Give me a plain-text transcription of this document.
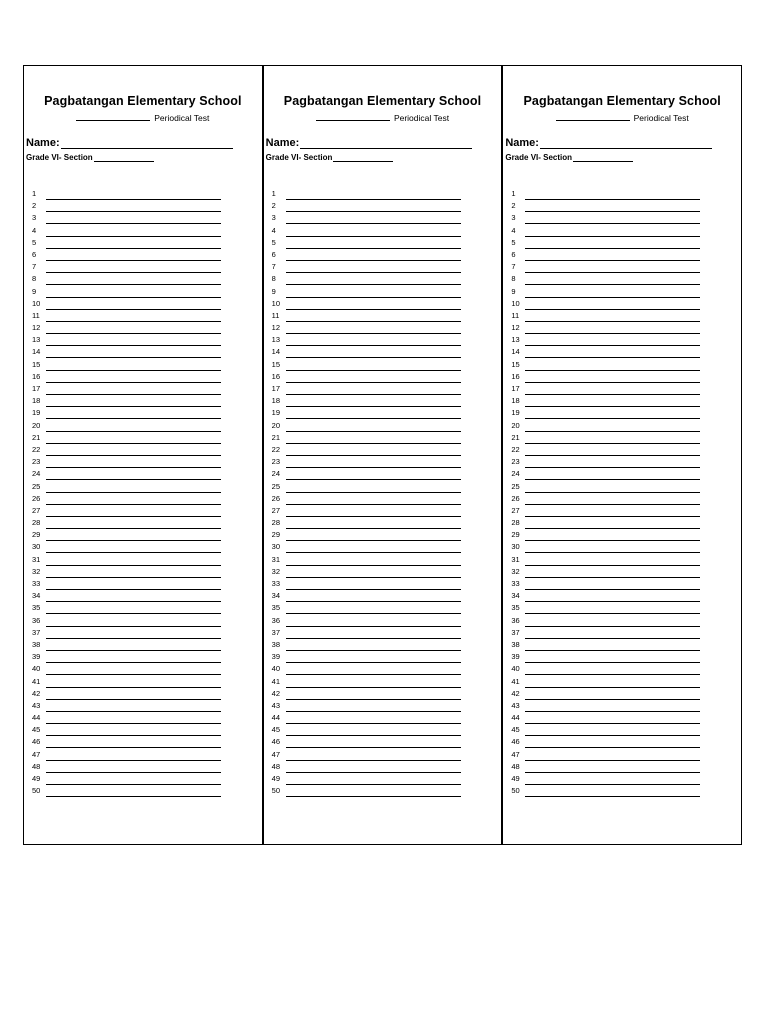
Pagbatangan Elementary School
Periodical Test
Name:
Grade VI- Section
1
2
3
4
5
6
7
8
9
10
11
12
13
14
15
16
17
18
19
20
21
22
23
24
25
26
27
28
29
30
31
32
33
34
35
36
37
38
39
40
41
42
43
44
45
46
47
48
49
50
Pagbatangan Elementary School
Periodical Test
Name:
Grade VI- Section
1
2
3
4
5
6
7
8
9
10
11
12
13
14
15
16
17
18
19
20
21
22
23
24
25
26
27
28
29
30
31
32
33
34
35
36
37
38
39
40
41
42
43
44
45
46
47
48
49
50
Pagbatangan Elementary School
Periodical Test
Name:
Grade VI- Section
1
2
3
4
5
6
7
8
9
10
11
12
13
14
15
16
17
18
19
20
21
22
23
24
25
26
27
28
29
30
31
32
33
34
35
36
37
38
39
40
41
42
43
44
45
46
47
48
49
50
